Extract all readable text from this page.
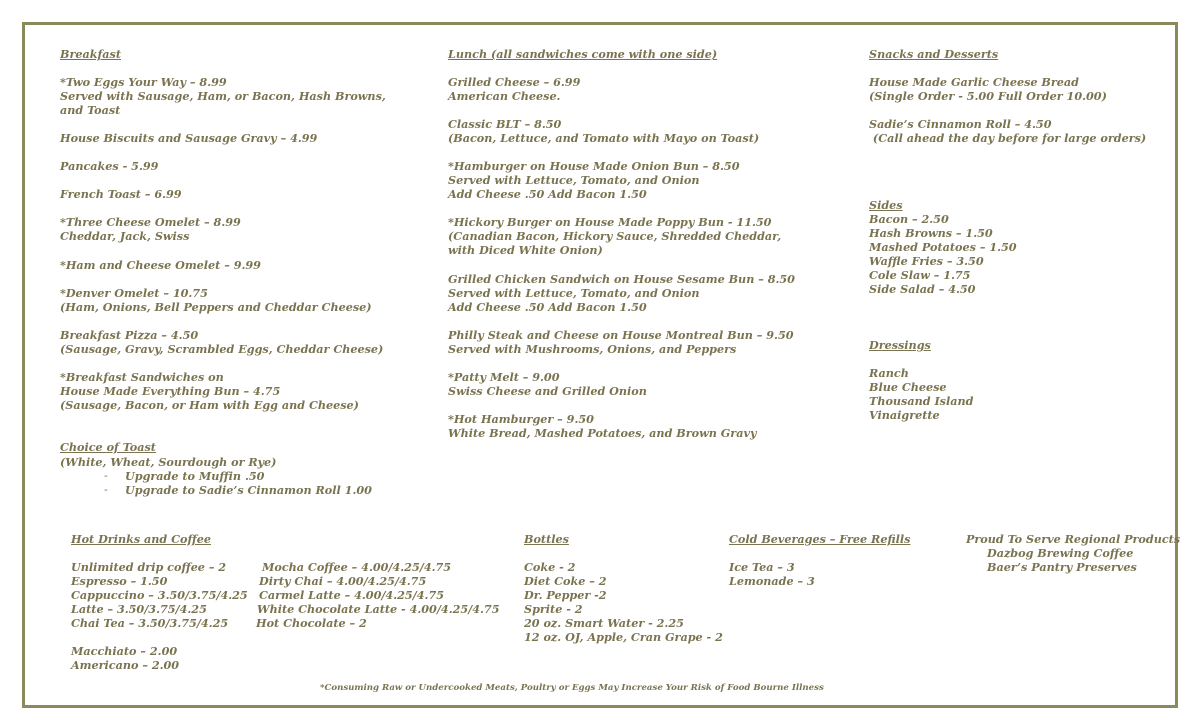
Breakfast
*Two Eggs Your Way – 8.99
Served with Sausage, Ham, or Bacon, Hash Browns,
and Toast
House Biscuits and Sausage Gravy – 4.99
Pancakes - 5.99
French Toast – 6.99
*Three Cheese Omelet – 8.99
Cheddar, Jack, Swiss
*Ham and Cheese Omelet – 9.99
*Denver Omelet – 10.75
(Ham, Onions, Bell Peppers and Cheddar Cheese)
Breakfast Pizza – 4.50
(Sausage, Gravy, Scrambled Eggs, Cheddar Cheese)
*Breakfast Sandwiches on
House Made Everything Bun – 4.75
(Sausage, Bacon, or Ham with Egg and Cheese)
Choice of Toast
(White, Wheat, Sourdough or Rye)
- Upgrade to Muffin .50
- Upgrade to Sadie’s Cinnamon Roll 1.00
Lunch (all sandwiches come with one side)
Grilled Cheese – 6.99
American Cheese.
Classic BLT – 8.50
(Bacon, Lettuce, and Tomato with Mayo on Toast)
*Hamburger on House Made Onion Bun – 8.50
Served with Lettuce, Tomato, and Onion
Add Cheese .50 Add Bacon 1.50
*Hickory Burger on House Made Poppy Bun - 11.50
(Canadian Bacon, Hickory Sauce, Shredded Cheddar,
with Diced White Onion)
Grilled Chicken Sandwich on House Sesame Bun – 8.50
Served with Lettuce, Tomato, and Onion
Add Cheese .50 Add Bacon 1.50
Philly Steak and Cheese on House Montreal Bun – 9.50
Served with Mushrooms, Onions, and Peppers
*Patty Melt – 9.00
Swiss Cheese and Grilled Onion
*Hot Hamburger – 9.50
White Bread, Mashed Potatoes, and Brown Gravy
Snacks and Desserts
House Made Garlic Cheese Bread
(Single Order - 5.00 Full Order 10.00)
Sadie’s Cinnamon Roll – 4.50
(Call ahead the day before for large orders)
Sides
Bacon – 2.50
Hash Browns – 1.50
Mashed Potatoes – 1.50
Waffle Fries – 3.50
Cole Slaw – 1.75
Side Salad – 4.50
Dressings
Ranch
Blue Cheese
Thousand Island
Vinaigrette
Hot Drinks and Coffee
Unlimited drip coffee – 2
Espresso – 1.50
Cappuccino – 3.50/3.75/4.25
Latte – 3.50/3.75/4.25
Chai Tea – 3.50/3.75/4.25
Mocha Coffee – 4.00/4.25/4.75
Dirty Chai – 4.00/4.25/4.75
Carmel Latte – 4.00/4.25/4.75
White Chocolate Latte - 4.00/4.25/4.75
Hot Chocolate – 2
Macchiato – 2.00
Americano – 2.00
Bottles
Coke - 2
Diet Coke – 2
Dr. Pepper -2
Sprite - 2
20 oz. Smart Water - 2.25
12 oz. OJ, Apple, Cran Grape - 2
Cold Beverages – Free Refills
Ice Tea – 3
Lemonade – 3
Proud To Serve Regional Products
Dazbog Brewing Coffee
Baer’s Pantry Preserves
*Consuming Raw or Undercooked Meats, Poultry or Eggs May Increase Your Risk of Food Bourne Illness
